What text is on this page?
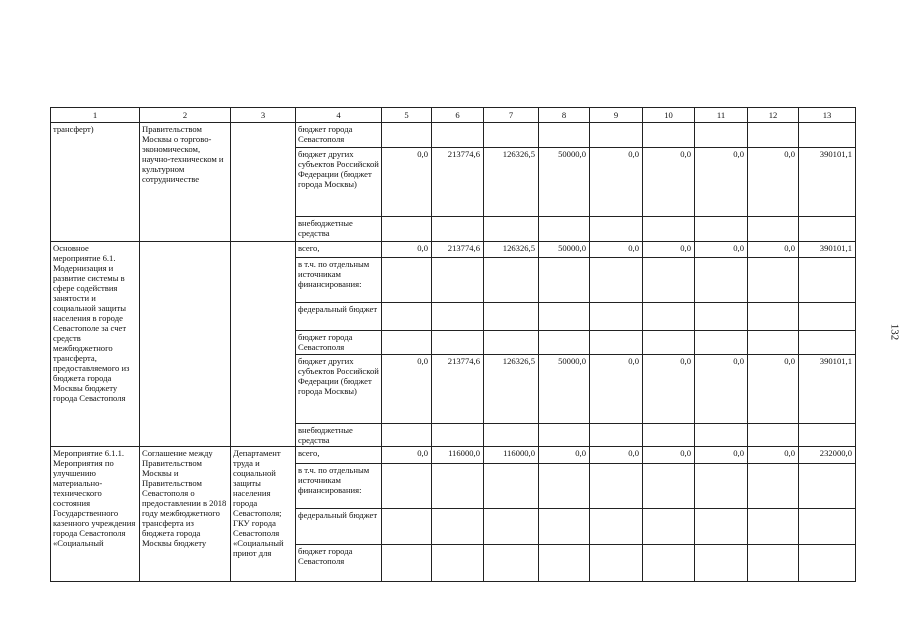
1	2	3	4	5	6	7	8	9	10	11	12	13
трансферт)	Правительством Москвы о торгово-экономическом, научно-техническом и культурном сотрудничестве		бюджет города Севастополя									
			бюджет других субъектов Российской Федерации (бюджет города Москвы)	0,0	213774,6	126326,5	50000,0	0,0	0,0	0,0	0,0	390101,1
			внебюджетные средства									
Основное мероприятие 6.1. Модернизация и развитие системы в сфере содействия занятости и социальной защиты населения в городе Севастополе за счет средств межбюджетного трансферта, предоставляемого из бюджета города Москвы бюджету города Севастополя			всего,	0,0	213774,6	126326,5	50000,0	0,0	0,0	0,0	0,0	390101,1
			в т.ч. по отдельным источникам финансирования:									
			федеральный бюджет									
			бюджет города Севастополя									
			бюджет других субъектов Российской Федерации (бюджет города Москвы)	0,0	213774,6	126326,5	50000,0	0,0	0,0	0,0	0,0	390101,1
			внебюджетные средства									
Мероприятие 6.1.1. Мероприятия по улучшению материально-технического состояния Государственного казенного учреждения города Севастополя «Социальный	Соглашение между Правительством Москвы и Правительством Севастополя о предоставлении в 2018 году межбюджетного трансферта из бюджета города Москвы бюджету	Департамент труда и социальной защиты населения города Севастополя; ГКУ города Севастополя «Социальный приют для	всего,	0,0	116000,0	116000,0	0,0	0,0	0,0	0,0	0,0	232000,0
			в т.ч. по отдельным источникам финансирования:									
			федеральный бюджет									
			бюджет города Севастополя									
132
